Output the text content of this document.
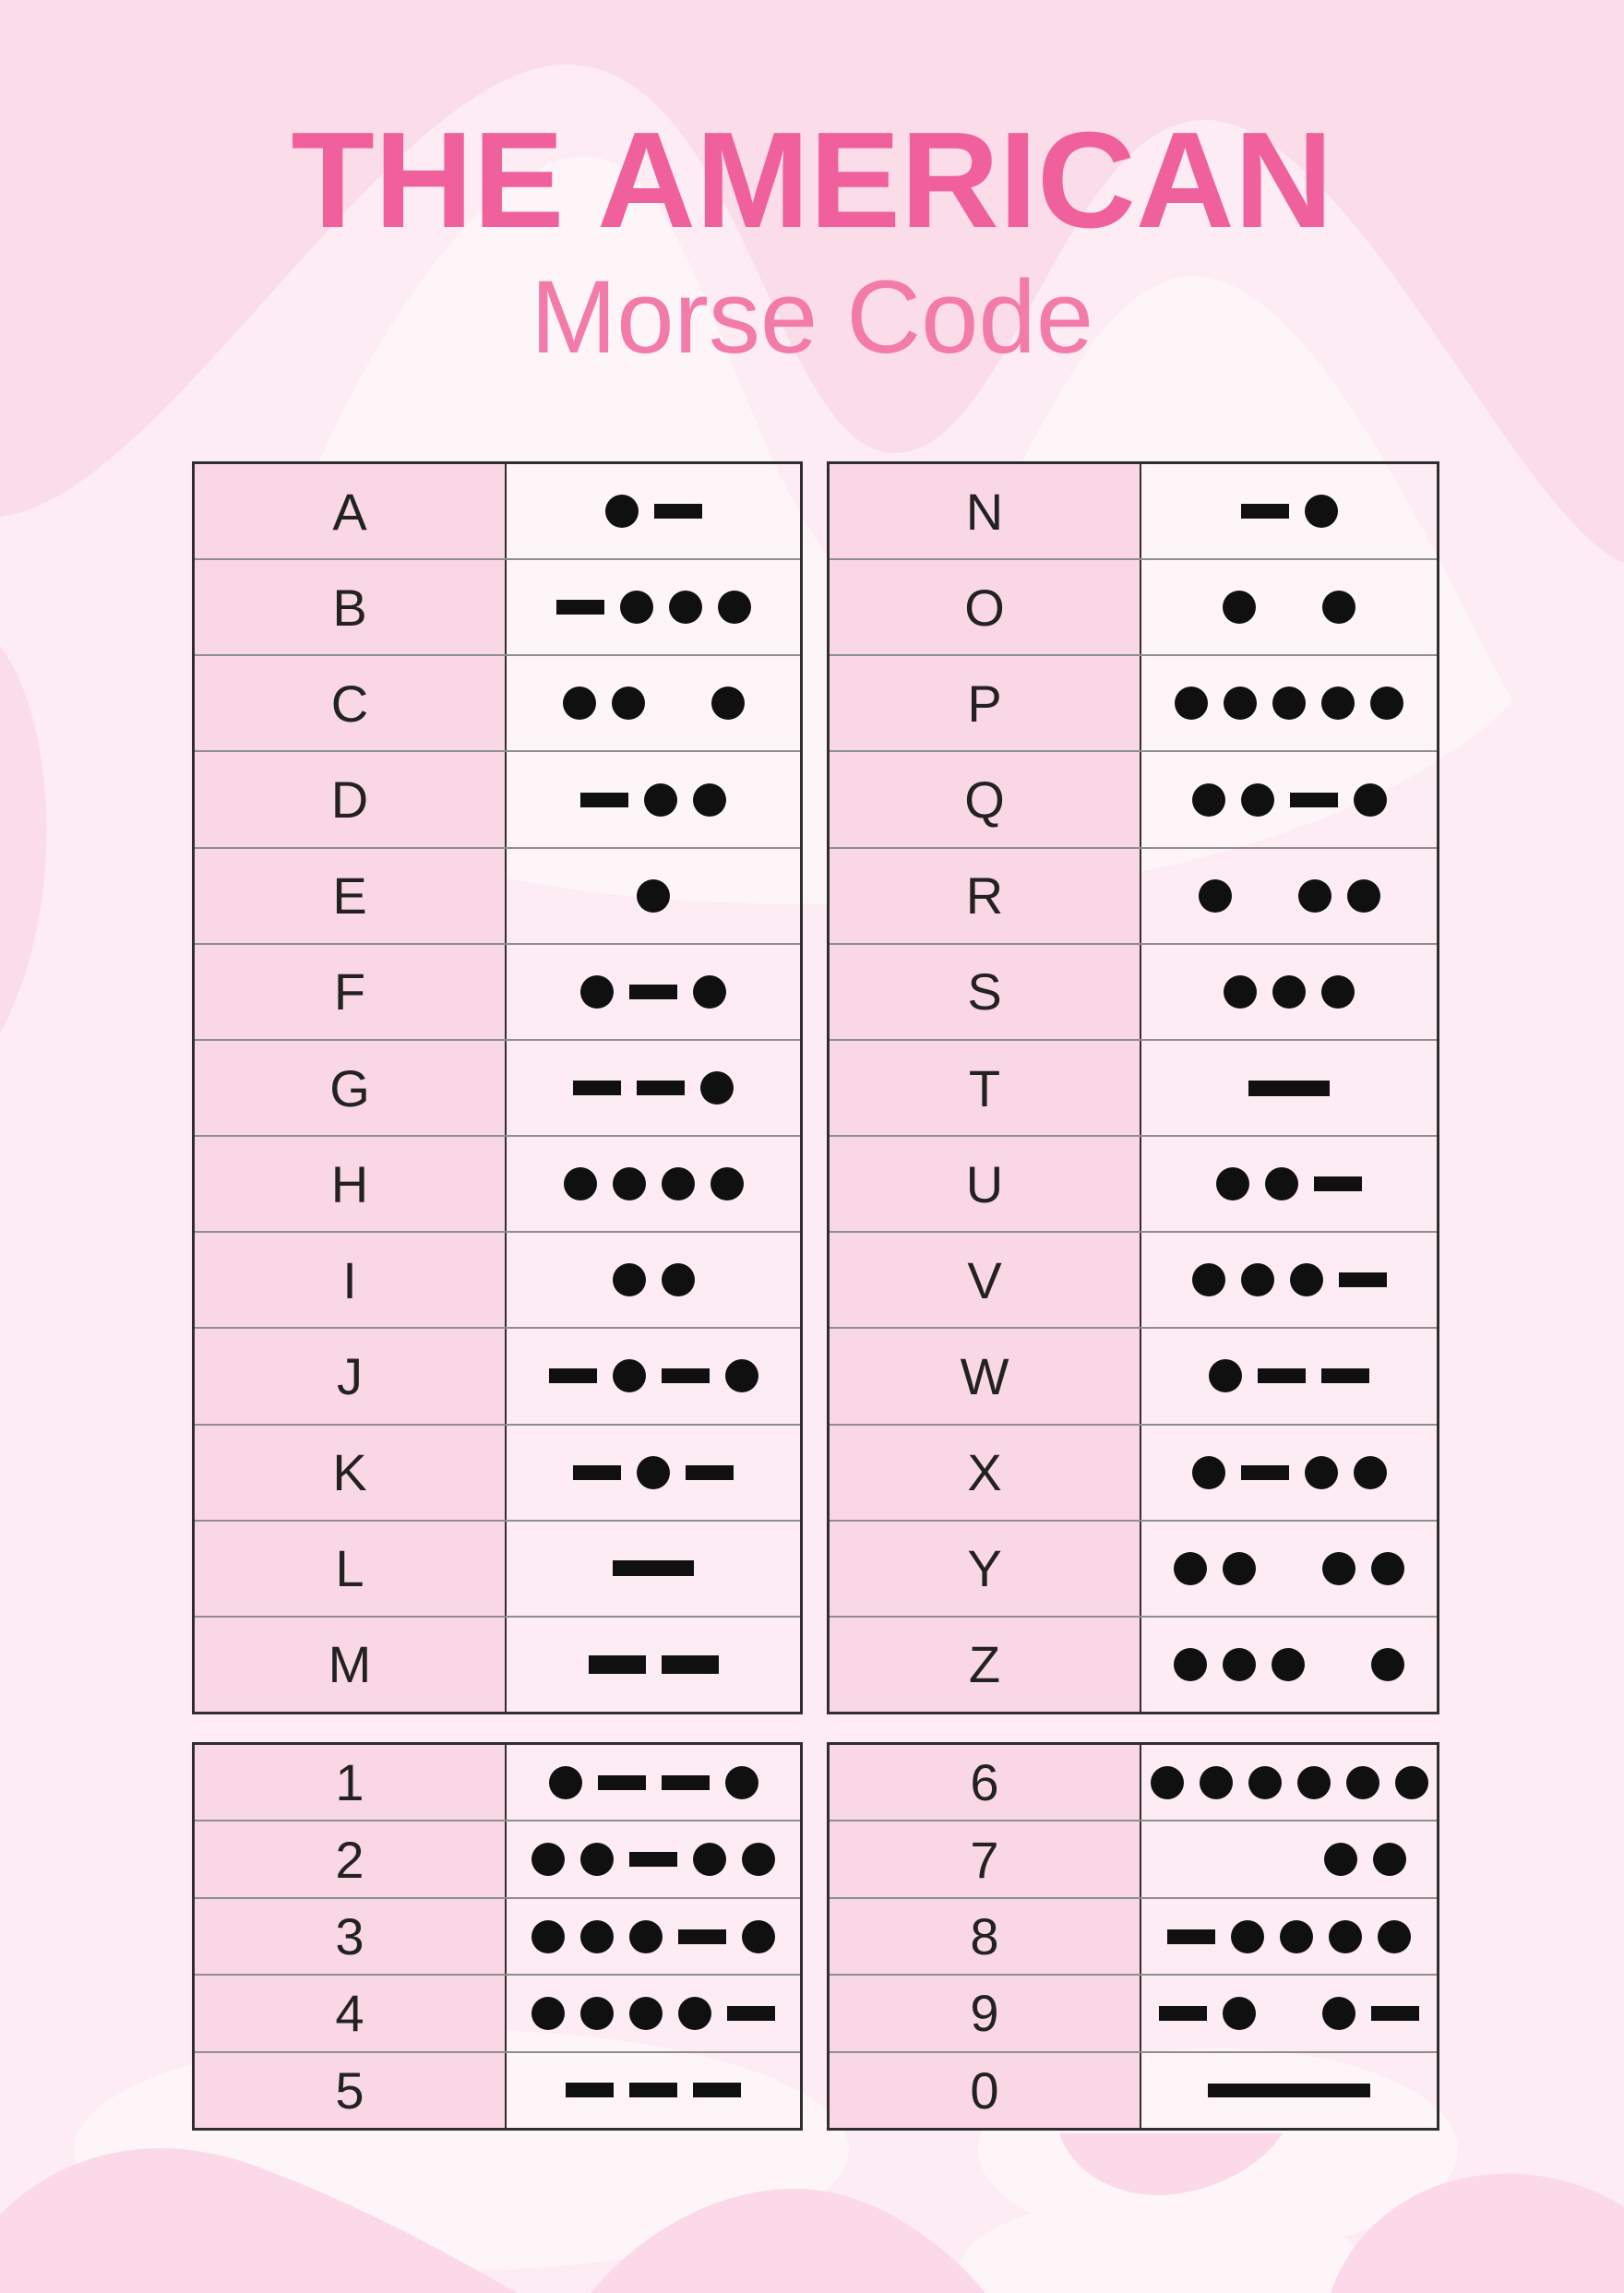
THE AMERICAN
Morse Code
A
B
C
D
E
F
G
H
I
J
K
L
M
N
O
P
Q
R
S
T
U
V
W
X
Y
Z
1
2
3
4
5
6
7
8
9
0
